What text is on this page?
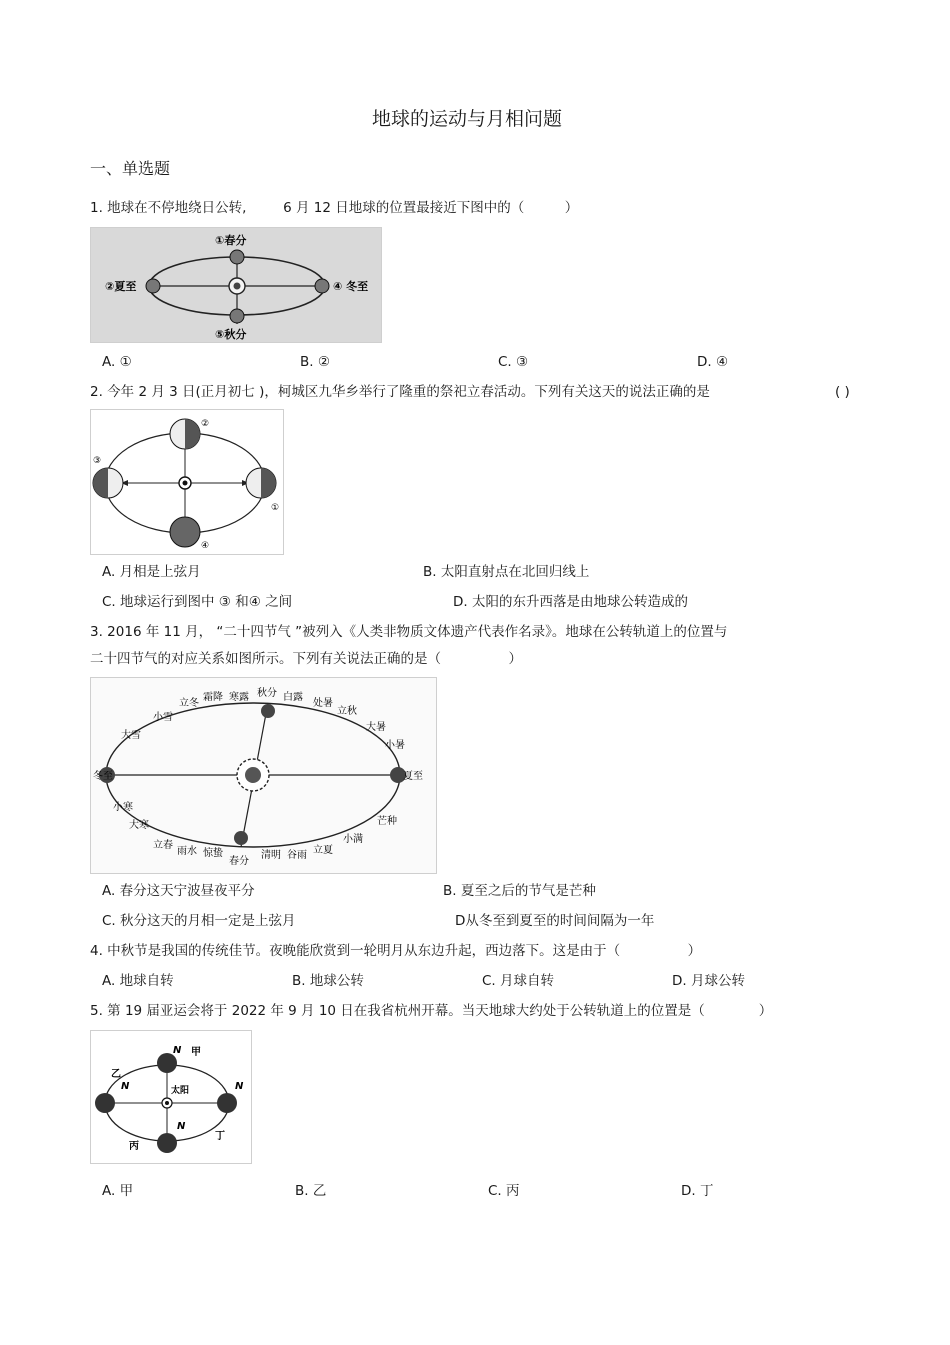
地球的运动与月相问题
一、单选题
1. 地球在不停地绕日公转,	6 月 12 日地球的位置最接近下图中的（　　　）
①春分
②夏至	④ 冬至
⑤秋分
A. ①	B. ②	C. ③	D. ④
2. 今年 2 月 3 日(正月初七 )，柯城区九华乡举行了隆重的祭祀立春活动。下列有关这天的说法正确的是	( )
②
③
①
④
A. 月相是上弦月	B. 太阳直射点在北回归线上
C. 地球运行到图中 ③ 和④ 之间	D. 太阳的东升西落是由地球公转造成的
3. 2016 年 11 月， “二十四节气 ”被列入《人类非物质文体遗产代表作名录》。地球在公转轨道上的位置与
二十四节气的对应关系如图所示。下列有关说法正确的是（　　　　　）
立冬
霜降 寒露 秋分 白露
处暑
立秋
大暑
小暑
夏至
芒种
小满
立夏
谷雨
清明
春分
惊蛰
雨水
立春
大寒
小寒
冬至
大雪
小雪
A. 春分这天宁波昼夜平分	B. 夏至之后的节气是芒种
C. 秋分这天的月相一定是上弦月	D从冬至到夏至的时间间隔为一年
4. 中秋节是我国的传统佳节。夜晚能欣赏到一轮明月从东边升起，西边落下。这是由于（　　　　　）
A. 地球自转	B. 地球公转	C. 月球自转	D. 月球公转
5. 第 19 届亚运会将于 2022 年 9 月 10 日在我省杭州开幕。当天地球大约处于公转轨道上的位置是（　　　　）
太阳
甲
乙
丙
丁
N
N	N
N
A. 甲	B. 乙	C. 丙	D. 丁
